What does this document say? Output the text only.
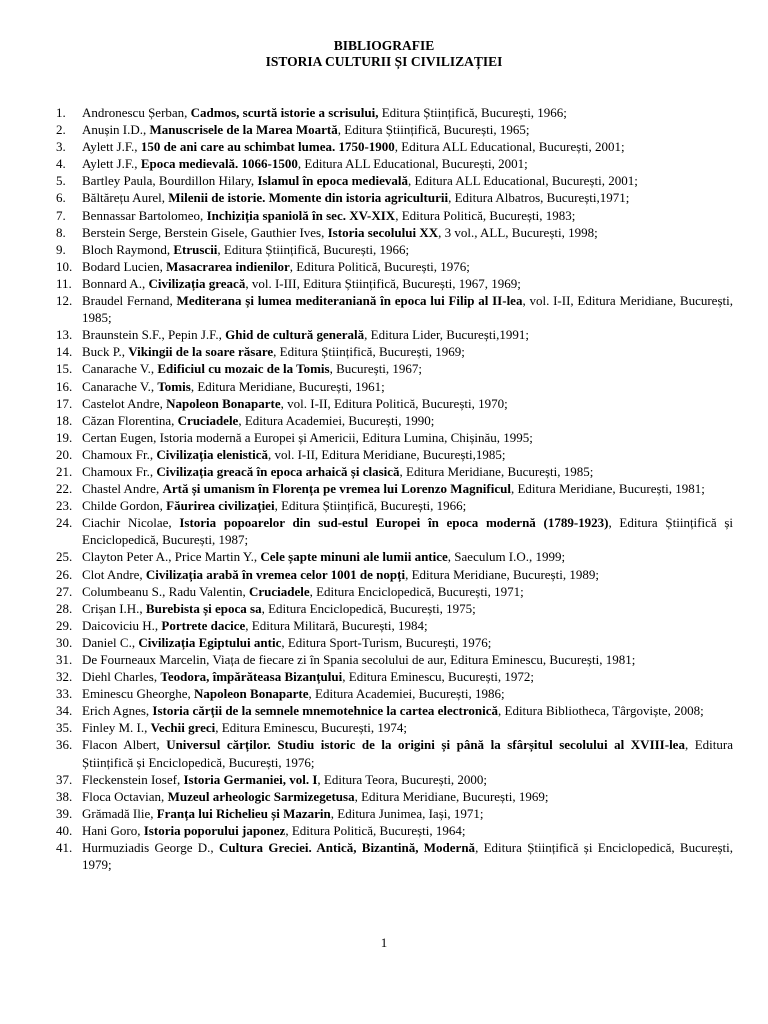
BIBLIOGRAFIE
ISTORIA CULTURII ȘI CIVILIZAȚIEI
1. Andronescu Șerban, Cadmos, scurtă istorie a scrisului, Editura Științifică, București, 1966;
2. Anușin I.D., Manuscrisele de la Marea Moartă, Editura Științifică, București, 1965;
3. Aylett J.F., 150 de ani care au schimbat lumea. 1750-1900, Editura ALL Educational, București, 2001;
4. Aylett J.F., Epoca medievală. 1066-1500, Editura ALL Educational, București, 2001;
5. Bartley Paula, Bourdillon Hilary, Islamul în epoca medievală, Editura ALL Educational, București, 2001;
6. Băltărețu Aurel, Milenii de istorie. Momente din istoria agriculturii, Editura Albatros, București,1971;
7. Bennassar Bartolomeo, Inchiziția spaniolă în sec. XV-XIX, Editura Politică, București, 1983;
8. Berstein Serge, Berstein Gisele, Gauthier Ives, Istoria secolului XX, 3 vol., ALL, București, 1998;
9. Bloch Raymond, Etruscii, Editura Științifică, București, 1966;
10. Bodard Lucien, Masacrarea indienilor, Editura Politică, București, 1976;
11. Bonnard A., Civilizația greacă, vol. I-III, Editura Științifică, București, 1967, 1969;
12. Braudel Fernand, Mediterana și lumea mediteraniană în epoca lui Filip al II-lea, vol. I-II, Editura Meridiane, București, 1985;
13. Braunstein S.F., Pepin J.F., Ghid de cultură generală, Editura Lider, București,1991;
14. Buck P., Vikingii de la soare răsare, Editura Științifică, București, 1969;
15. Canarache V., Edificiul cu mozaic de la Tomis, București, 1967;
16. Canarache V., Tomis, Editura Meridiane, București, 1961;
17. Castelot Andre, Napoleon Bonaparte, vol. I-II, Editura Politică, București, 1970;
18. Căzan Florentina, Cruciadele, Editura Academiei, București, 1990;
19. Certan Eugen, Istoria modernă a Europei și Americii, Editura Lumina, Chișinău, 1995;
20. Chamoux Fr., Civilizația elenistică, vol. I-II, Editura Meridiane, București,1985;
21. Chamoux Fr., Civilizația greacă în epoca arhaică și clasică, Editura Meridiane, București, 1985;
22. Chastel Andre, Artă și umanism în Florența pe vremea lui Lorenzo Magnificul, Editura Meridiane, București, 1981;
23. Childe Gordon, Făurirea civilizației, Editura Științifică, București, 1966;
24. Ciachir Nicolae, Istoria popoarelor din sud-estul Europei în epoca modernă (1789-1923), Editura Științifică și Enciclopedică, București, 1987;
25. Clayton Peter A., Price Martin Y., Cele șapte minuni ale lumii antice, Saeculum I.O., 1999;
26. Clot Andre, Civilizația arabă în vremea celor 1001 de nopți, Editura Meridiane, București, 1989;
27. Columbeanu S., Radu Valentin, Cruciadele, Editura Enciclopedică, București, 1971;
28. Crișan I.H., Burebista și epoca sa, Editura Enciclopedică, București, 1975;
29. Daicoviciu H., Portrete dacice, Editura Militară, București, 1984;
30. Daniel C., Civilizația Egiptului antic, Editura Sport-Turism, București, 1976;
31. De Fourneaux Marcelin, Viața de fiecare zi în Spania secolului de aur, Editura Eminescu, București, 1981;
32. Diehl Charles, Teodora, împărăteasa Bizanțului, Editura Eminescu, București, 1972;
33. Eminescu Gheorghe, Napoleon Bonaparte, Editura Academiei, București, 1986;
34. Erich Agnes, Istoria cărții de la semnele mnemotehnice la cartea electronică, Editura Bibliotheca, Târgoviște, 2008;
35. Finley M. I., Vechii greci, Editura Eminescu, București, 1974;
36. Flacon Albert, Universul cărților. Studiu istoric de la origini și până la sfârșitul secolului al XVIII-lea, Editura Științifică și Enciclopedică, București, 1976;
37. Fleckenstein Iosef, Istoria Germaniei, vol. I, Editura Teora, București, 2000;
38. Floca Octavian, Muzeul arheologic Sarmizegetusa, Editura Meridiane, București, 1969;
39. Grămadă Ilie, Franța lui Richelieu și Mazarin, Editura Junimea, Iași, 1971;
40. Hani Goro, Istoria poporului japonez, Editura Politică, București, 1964;
41. Hurmuziadis George D., Cultura Greciei. Antică, Bizantină, Modernă, Editura Științifică și Enciclopedică, București, 1979;
1
